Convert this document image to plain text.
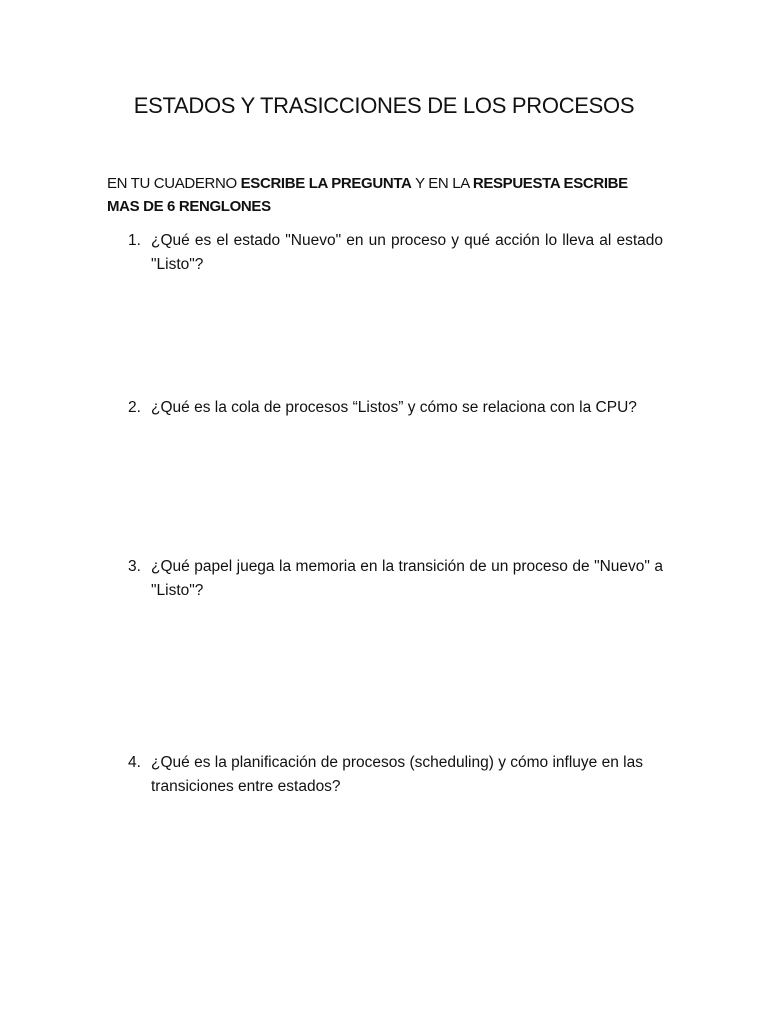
ESTADOS Y TRASICCIONES DE LOS PROCESOS
EN TU CUADERNO ESCRIBE LA PREGUNTA Y EN LA RESPUESTA ESCRIBE MAS DE 6 RENGLONES
1. ¿Qué es el estado "Nuevo" en un proceso y qué acción lo lleva al estado "Listo"?
2. ¿Qué es la cola de procesos “Listos” y cómo se relaciona con la CPU?
3. ¿Qué papel juega la memoria en la transición de un proceso de "Nuevo" a "Listo"?
4. ¿Qué es la planificación de procesos (scheduling) y cómo influye en las transiciones entre estados?
